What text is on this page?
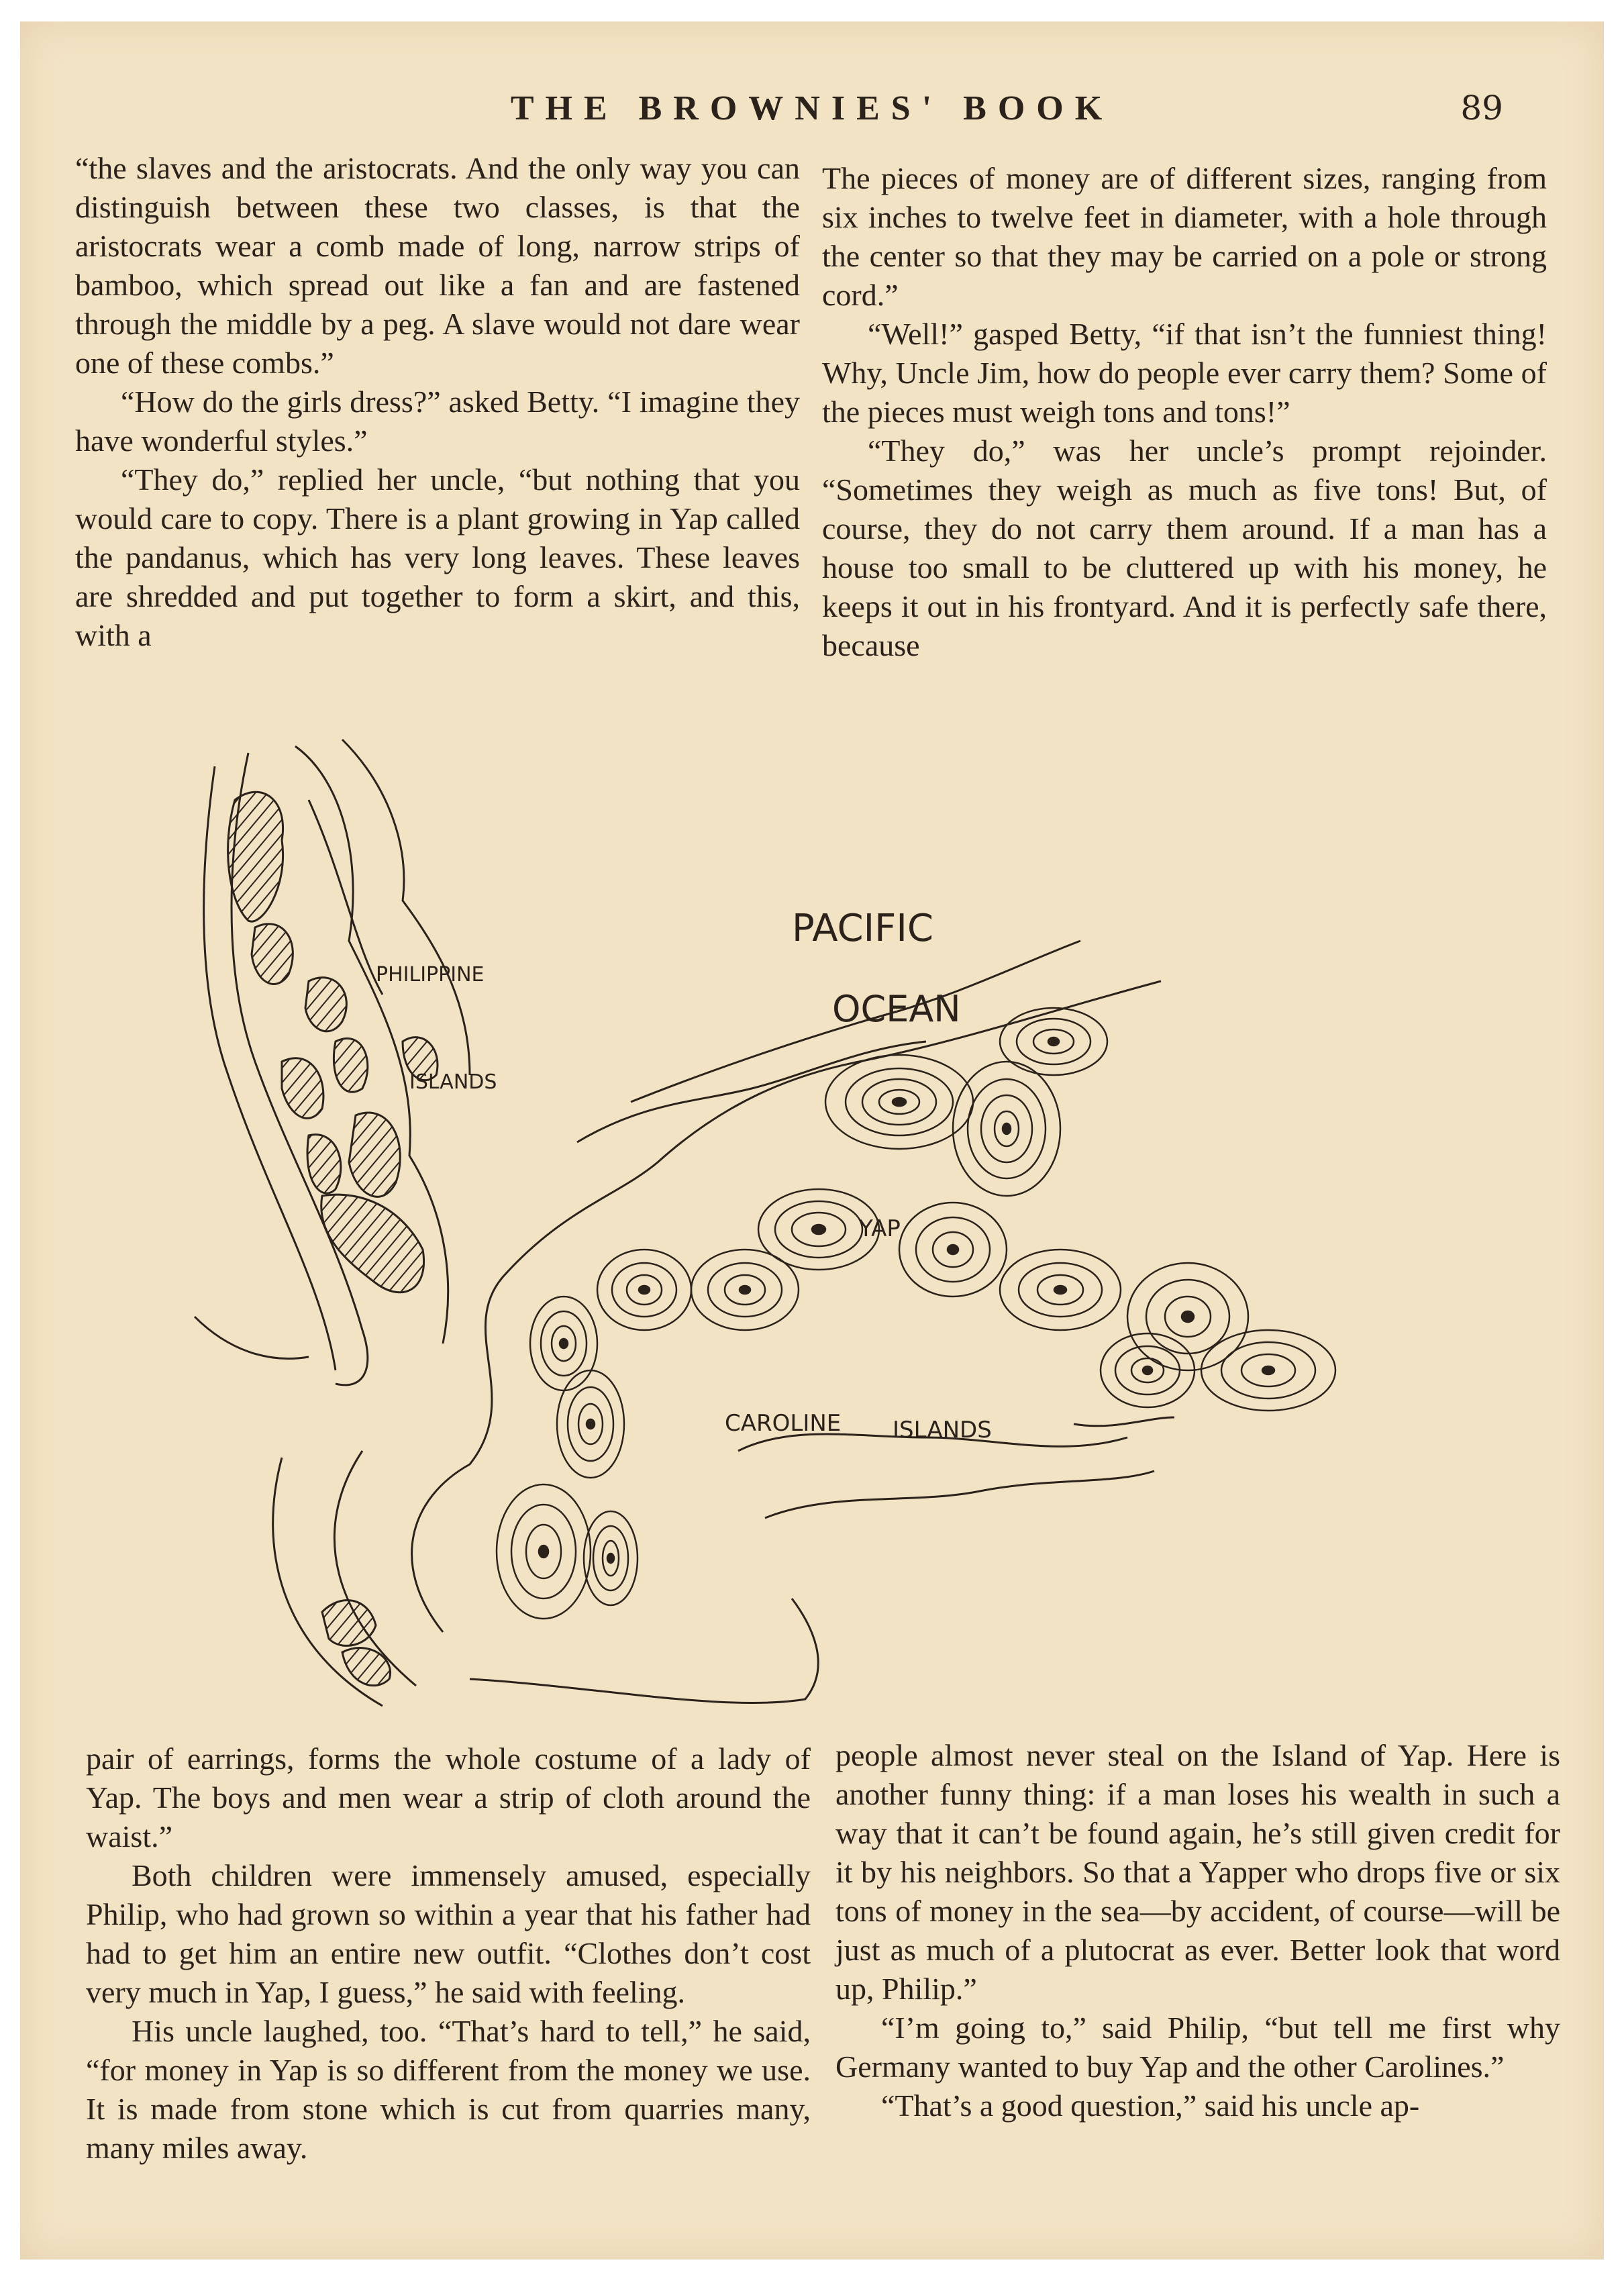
THE BROWNIES' BOOK	89

“the slaves and the aristocrats. And the only way you can distinguish between these two classes, is that the aristocrats wear a comb made of long, narrow strips of bamboo, which spread out like a fan and are fastened through the middle by a peg. A slave would not dare wear one of these combs.”

“How do the girls dress?” asked Betty. “I imagine they have wonderful styles.”

“They do,” replied her uncle, “but nothing that you would care to copy. There is a plant growing in Yap called the pandanus, which has very long leaves. These leaves are shredded and put together to form a skirt, and this, with a

The pieces of money are of different sizes, ranging from six inches to twelve feet in diameter, with a hole through the center so that they may be carried on a pole or strong cord.”

“Well!” gasped Betty, “if that isn’t the funniest thing! Why, Uncle Jim, how do people ever carry them? Some of the pieces must weigh tons and tons!”

“They do,” was her uncle’s prompt rejoinder. “Sometimes they weigh as much as five tons! But, of course, they do not carry them around. If a man has a house too small to be cluttered up with his money, he keeps it out in his frontyard. And it is perfectly safe there, because

PHILIPPINE
ISLANDS
PACIFIC
OCEAN
YAP
CAROLINE ISLANDS

pair of earrings, forms the whole costume of a lady of Yap. The boys and men wear a strip of cloth around the waist.”

Both children were immensely amused, especially Philip, who had grown so within a year that his father had had to get him an entire new outfit. “Clothes don’t cost very much in Yap, I guess,” he said with feeling.

His uncle laughed, too. “That’s hard to tell,” he said, “for money in Yap is so different from the money we use. It is made from stone which is cut from quarries many, many miles away.

people almost never steal on the Island of Yap. Here is another funny thing: if a man loses his wealth in such a way that it can’t be found again, he’s still given credit for it by his neighbors. So that a Yapper who drops five or six tons of money in the sea—by accident, of course—will be just as much of a plutocrat as ever. Better look that word up, Philip.”

“I’m going to,” said Philip, “but tell me first why Germany wanted to buy Yap and the other Carolines.”

“That’s a good question,” said his uncle ap-
